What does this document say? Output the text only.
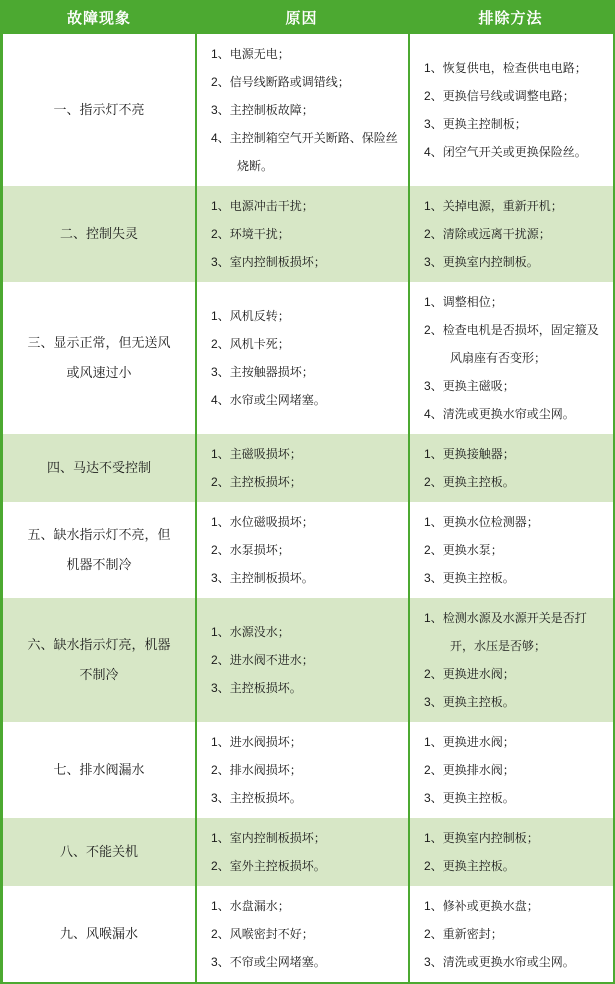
故障现象	原因	排除方法
一、指示灯不亮
1、电源无电；
2、信号线断路或调错线；
3、主控制板故障；
4、主控制箱空气开关断路、保险丝烧断。
1、恢复供电，检查供电电路；
2、更换信号线或调整电路；
3、更换主控制板；
4、闭空气开关或更换保险丝。
二、控制失灵
1、电源冲击干扰；
2、环境干扰；
3、室内控制板损坏；
1、关掉电源，重新开机；
2、清除或远离干扰源；
3、更换室内控制板。
三、显示正常，但无送风或风速过小
1、风机反转；
2、风机卡死；
3、主按触器损坏；
4、水帘或尘网堵塞。
1、调整相位；
2、检查电机是否损坏，固定箍及风扇座有否变形；
3、更换主磁吸；
4、清洗或更换水帘或尘网。
四、马达不受控制
1、主磁吸损坏；
2、主控板损坏；
1、更换接触器；
2、更换主控板。
五、缺水指示灯不亮，但机器不制冷
1、水位磁吸损坏；
2、水泵损坏；
3、主控制板损坏。
1、更换水位检测器；
2、更换水泵；
3、更换主控板。
六、缺水指示灯亮，机器不制冷
1、水源没水；
2、进水阀不进水；
3、主控板损坏。
1、检测水源及水源开关是否打开，水压是否够；
2、更换进水阀；
3、更换主控板。
七、排水阀漏水
1、进水阀损坏；
2、排水阀损坏；
3、主控板损坏。
1、更换进水阀；
2、更换排水阀；
3、更换主控板。
八、不能关机
1、室内控制板损坏；
2、室外主控板损坏。
1、更换室内控制板；
2、更换主控板。
九、风喉漏水
1、水盘漏水；
2、风喉密封不好；
3、不帘或尘网堵塞。
1、修补或更换水盘；
2、重新密封；
3、清洗或更换水帘或尘网。
